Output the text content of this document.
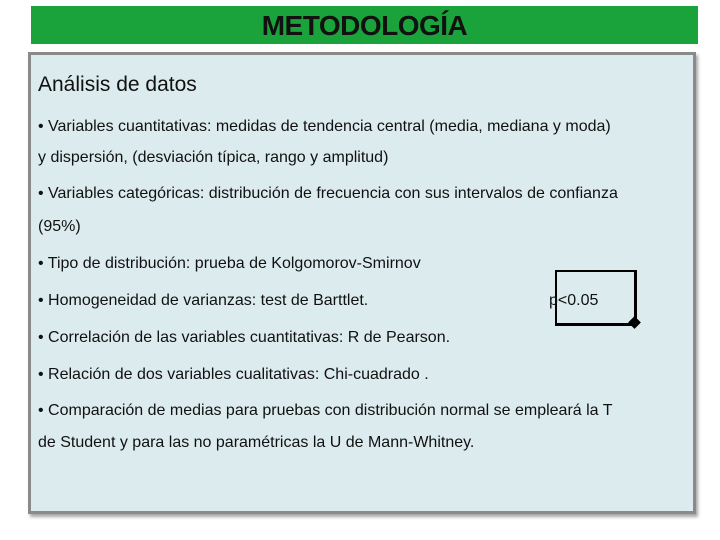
METODOLOGÍA
Análisis de datos
• Variables cuantitativas: medidas de tendencia central (media, mediana y moda)
y dispersión, (desviación típica, rango y amplitud)
• Variables categóricas: distribución de frecuencia con sus intervalos de confianza
(95%)
• Tipo de distribución: prueba de Kolgomorov-Smirnov
• Homogeneidad de varianzas: test de Barttlet.
• Correlación de las variables cuantitativas: R de Pearson.
• Relación de dos variables cualitativas: Chi-cuadrado .
• Comparación de medias para pruebas con distribución normal se empleará la T
de Student y para las no paramétricas la U de Mann-Whitney.
p<0.05
